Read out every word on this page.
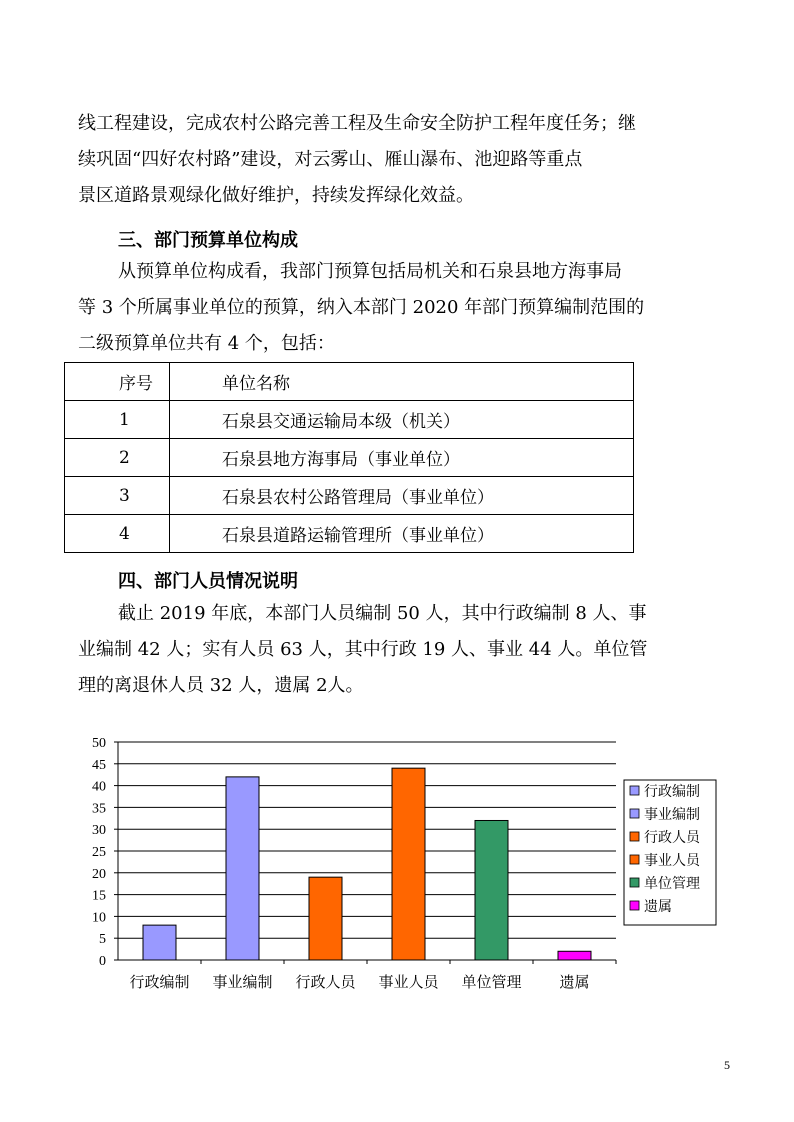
线工程建设，完成农村公路完善工程及生命安全防护工程年度任务；继
续巩固“四好农村路”建设，对云雾山、雁山瀑布、池迎路等重点
景区道路景观绿化做好维护，持续发挥绿化效益。
三、部门预算单位构成
从预算单位构成看，我部门预算包括局机关和石泉县地方海事局
等 3 个所属事业单位的预算，纳入本部门 2020 年部门预算编制范围的
二级预算单位共有 4 个，包括：
序号	单位名称
1	石泉县交通运输局本级（机关）
2	石泉县地方海事局（事业单位）
3	石泉县农村公路管理局（事业单位）
4	石泉县道路运输管理所（事业单位）
四、部门人员情况说明
截止 2019 年底，本部门人员编制 50 人，其中行政编制 8 人、事
业编制 42 人；实有人员 63 人，其中行政 19 人、事业 44 人。单位管
理的离退休人员 32 人，遗属 2人。
0
5
10
15
20
25
30
35
40
45
50
行政编制 事业编制 行政人员 事业人员 单位管理	遗属
行政编制
事业编制
行政人员
事业人员
单位管理
遗属
5
